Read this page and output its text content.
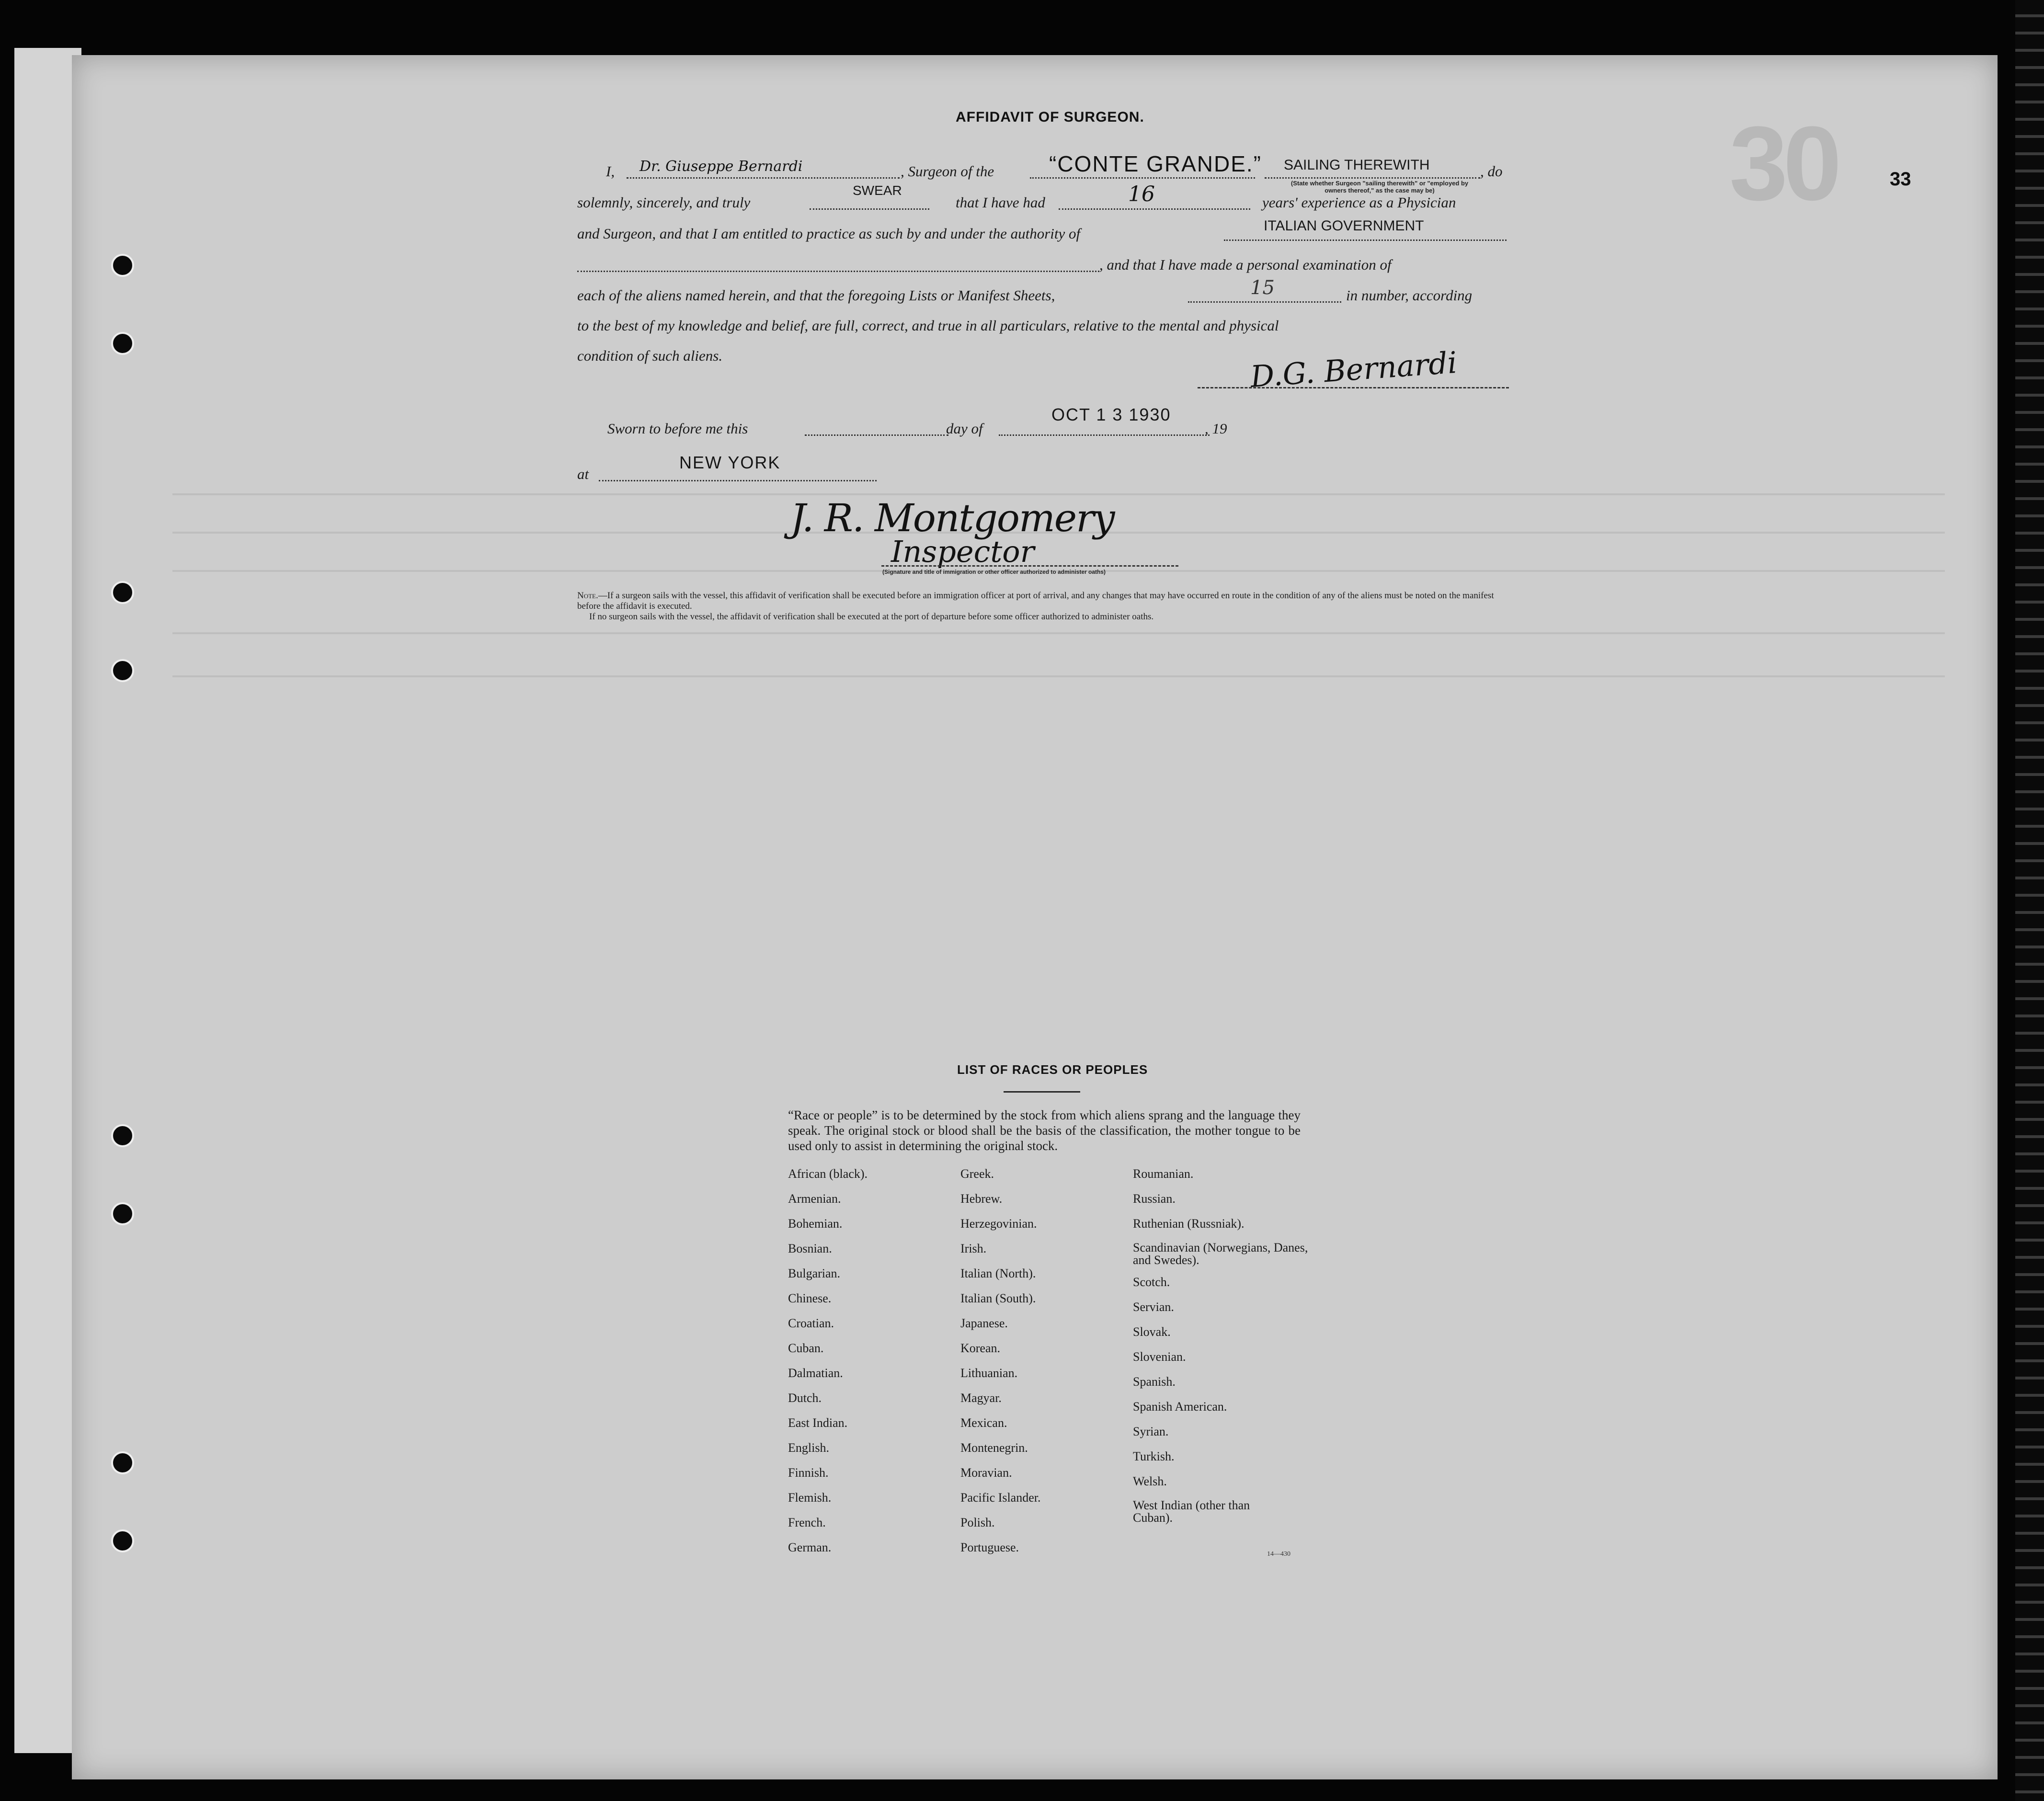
30	33
AFFIDAVIT OF SURGEON.
I, Dr. Giuseppe Bernardi	, Surgeon of the “CONTE GRANDE.” SAILING THEREWITH	, do
(State whether Surgeon "sailing therewith" or "employed by owners thereof," as the case may be)
solemnly, sincerely, and truly
SWEAR
that I have had	16	years' experience as a Physician
and Surgeon, and that I am entitled to practice as such by and under the authority of	ITALIAN GOVERNMENT
, and that I have made a personal examination of
each of the aliens named herein, and that the foregoing Lists or Manifest Sheets,	15	in number, according
to the best of my knowledge and belief, are full, correct, and true in all particulars, relative to the mental and physical
condition of such aliens.	D.G. Bernardi
Sworn to before me this	day of
OCT 1 3 1930
, 19
at
NEW YORK
J. R. Montgomery
Inspector
(Signature and title of immigration or other officer authorized to administer oaths)
Note.—If a surgeon sails with the vessel, this affidavit of verification shall be executed before an immigration officer at port of arrival, and any changes that may have occurred en route in the condition of any of the aliens must be noted on the manifest before the affidavit is executed.
If no surgeon sails with the vessel, the affidavit of verification shall be executed at the port of departure before some officer authorized to administer oaths.
LIST OF RACES OR PEOPLES
“Race or people” is to be determined by the stock from which aliens sprang and the language they speak. The original stock or blood shall be the basis of the classification, the mother tongue to be used only to assist in determining the original stock.
African (black).
Armenian.
Bohemian.
Bosnian.
Bulgarian.
Chinese.
Croatian.
Cuban.
Dalmatian.
Dutch.
East Indian.
English.
Finnish.
Flemish.
French.
German.
Greek.
Hebrew.
Herzegovinian.
Irish.
Italian (North).
Italian (South).
Japanese.
Korean.
Lithuanian.
Magyar.
Mexican.
Montenegrin.
Moravian.
Pacific Islander.
Polish.
Portuguese.
Roumanian.
Russian.
Ruthenian (Russniak).
Scandinavian (Norwegians, Danes, and Swedes).
Scotch.
Servian.
Slovak.
Slovenian.
Spanish.
Spanish American.
Syrian.
Turkish.
Welsh.
West Indian (other than Cuban).
14—430
